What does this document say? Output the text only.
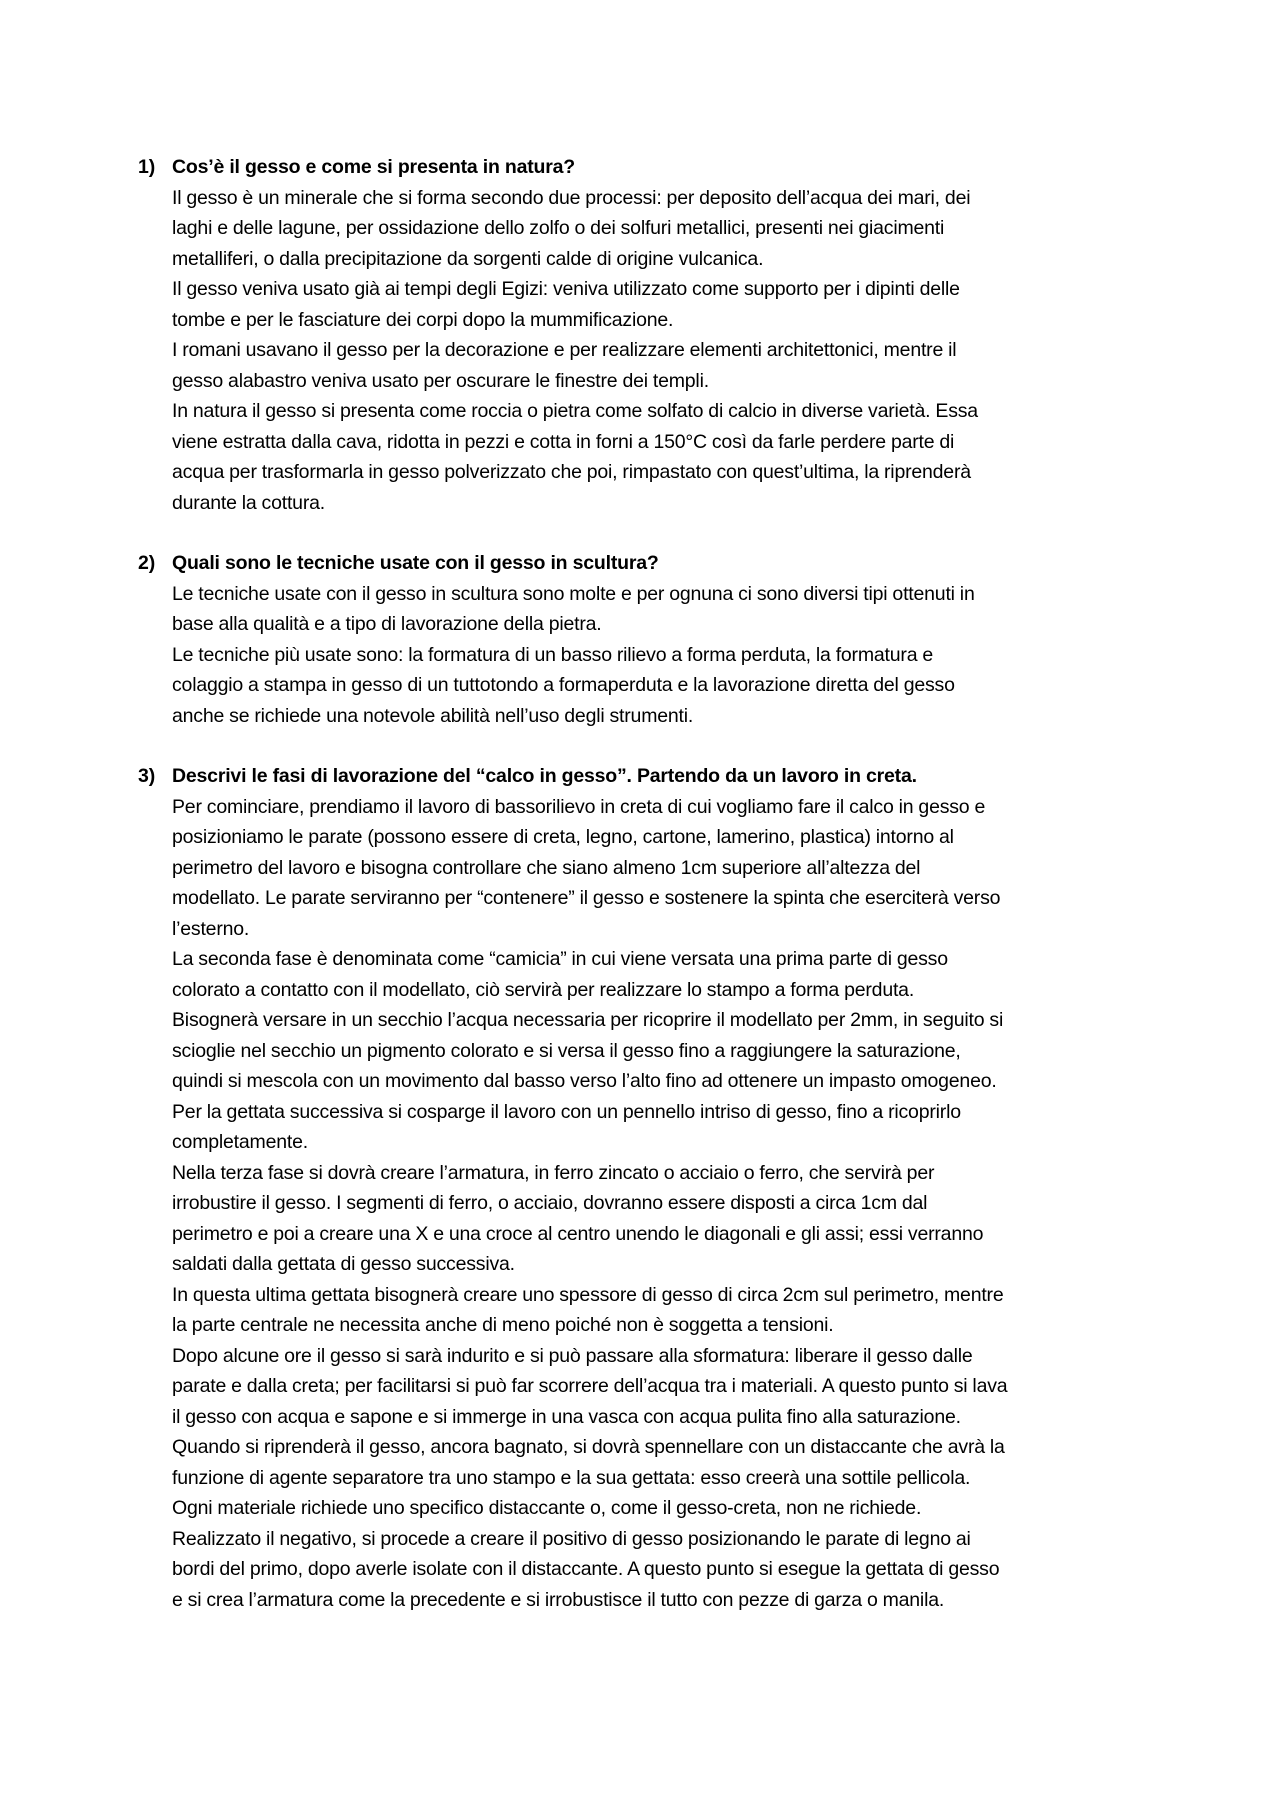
1) Cos’è il gesso e come si presenta in natura?

Il gesso è un minerale che si forma secondo due processi: per deposito dell’acqua dei mari, dei laghi e delle lagune, per ossidazione dello zolfo o dei solfuri metallici, presenti nei giacimenti metalliferi, o dalla precipitazione da sorgenti calde di origine vulcanica.

Il gesso veniva usato già ai tempi degli Egizi: veniva utilizzato come supporto per i dipinti delle tombe e per le fasciature dei corpi dopo la mummificazione.

I romani usavano il gesso per la decorazione e per realizzare elementi architettonici, mentre il gesso alabastro veniva usato per oscurare le finestre dei templi.

In natura il gesso si presenta come roccia o pietra come solfato di calcio in diverse varietà. Essa viene estratta dalla cava, ridotta in pezzi e cotta in forni a 150°C così da farle perdere parte di acqua per trasformarla in gesso polverizzato che poi, rimpastato con quest’ultima, la riprenderà durante la cottura.

2) Quali sono le tecniche usate con il gesso in scultura?

Le tecniche usate con il gesso in scultura sono molte e per ognuna ci sono diversi tipi ottenuti in base alla qualità e a tipo di lavorazione della pietra.

Le tecniche più usate sono: la formatura di un basso rilievo a forma perduta, la formatura e colaggio a stampa in gesso di un tuttotondo a formaperduta e la lavorazione diretta del gesso anche se richiede una notevole abilità nell’uso degli strumenti.

3) Descrivi le fasi di lavorazione del “calco in gesso”. Partendo da un lavoro in creta.

Per cominciare, prendiamo il lavoro di bassorilievo in creta di cui vogliamo fare il calco in gesso e posizioniamo le parate (possono essere di creta, legno, cartone, lamerino, plastica) intorno al perimetro del lavoro e bisogna controllare che siano almeno 1cm superiore all’altezza del modellato. Le parate serviranno per “contenere” il gesso e sostenere la spinta che eserciterà verso l’esterno.

La seconda fase è denominata come “camicia” in cui viene versata una prima parte di gesso colorato a contatto con il modellato, ciò servirà per realizzare lo stampo a forma perduta.

Bisognerà versare in un secchio l’acqua necessaria per ricoprire il modellato per 2mm, in seguito si scioglie nel secchio un pigmento colorato e si versa il gesso fino a raggiungere la saturazione, quindi si mescola con un movimento dal basso verso l’alto fino ad ottenere un impasto omogeneo.

Per la gettata successiva si cosparge il lavoro con un pennello intriso di gesso, fino a ricoprirlo completamente.

Nella terza fase si dovrà creare l’armatura, in ferro zincato o acciaio o ferro, che servirà per irrobustire il gesso. I segmenti di ferro, o acciaio, dovranno essere disposti a circa 1cm dal perimetro e poi a creare una X e una croce al centro unendo le diagonali e gli assi; essi verranno saldati dalla gettata di gesso successiva.

In questa ultima gettata bisognerà creare uno spessore di gesso di circa 2cm sul perimetro, mentre la parte centrale ne necessita anche di meno poiché non è soggetta a tensioni.

Dopo alcune ore il gesso si sarà indurito e si può passare alla sformatura: liberare il gesso dalle parate e dalla creta; per facilitarsi si può far scorrere dell’acqua tra i materiali. A questo punto si lava il gesso con acqua e sapone e si immerge in una vasca con acqua pulita fino alla saturazione.

Quando si riprenderà il gesso, ancora bagnato, si dovrà spennellare con un distaccante che avrà la funzione di agente separatore tra uno stampo e la sua gettata: esso creerà una sottile pellicola.

Ogni materiale richiede uno specifico distaccante o, come il gesso-creta, non ne richiede.

Realizzato il negativo, si procede a creare il positivo di gesso posizionando le parate di legno ai bordi del primo, dopo averle isolate con il distaccante. A questo punto si esegue la gettata di gesso e si crea l’armatura come la precedente e si irrobustisce il tutto con pezze di garza o manila.
